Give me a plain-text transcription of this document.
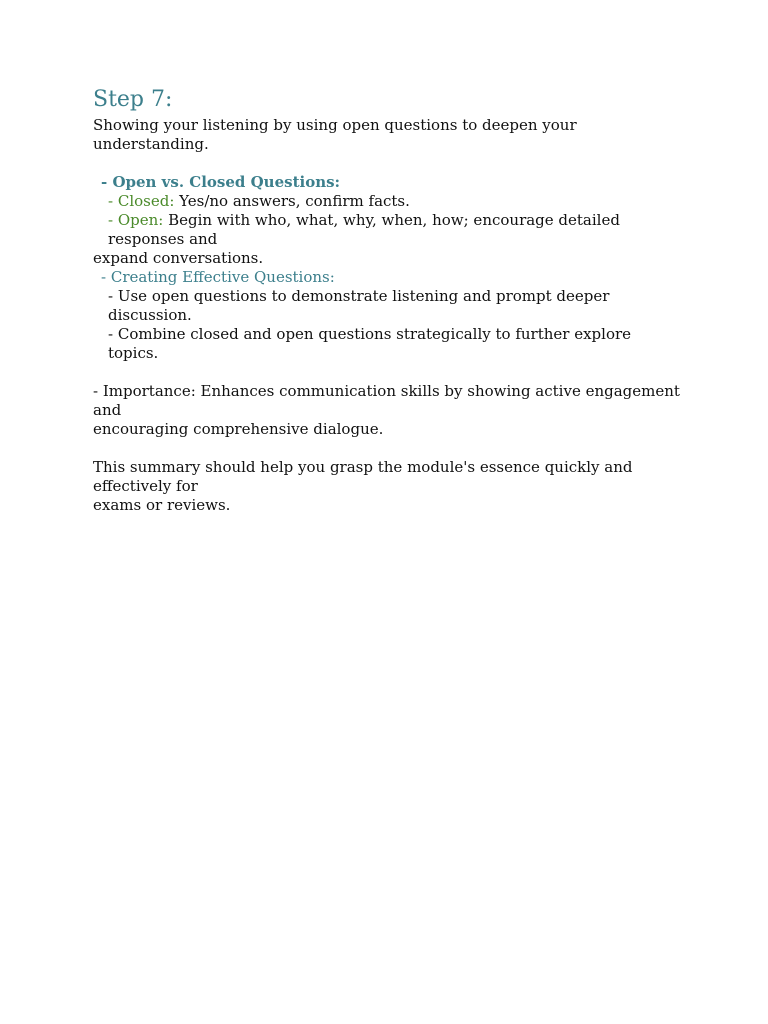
Step 7:

Showing your listening by using open questions to deepen your understanding.

- Open vs. Closed Questions:

- Closed: Yes/no answers, confirm facts.

- Open: Begin with who, what, why, when, how; encourage detailed responses and

expand conversations.

- Creating Effective Questions:

- Use open questions to demonstrate listening and prompt deeper discussion.

- Combine closed and open questions strategically to further explore topics.

- Importance: Enhances communication skills by showing active engagement and

encouraging comprehensive dialogue.

This summary should help you grasp the module's essence quickly and effectively for

exams or reviews.
